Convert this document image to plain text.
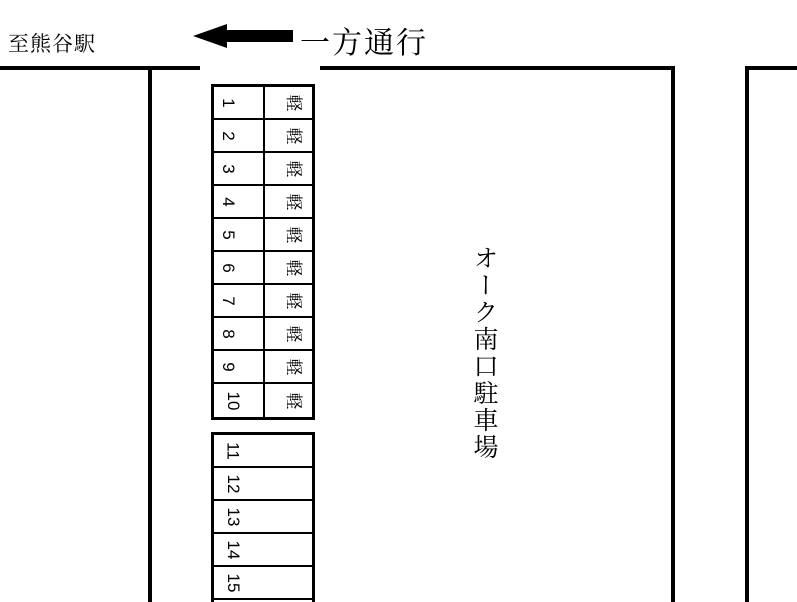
至熊谷駅	一方通行
1	軽
2	軽
3	軽
4	軽
5	軽
6	軽
7	軽
8	軽
9	軽
10 軽
11
12
13
14
15
オーク南口駐車場
